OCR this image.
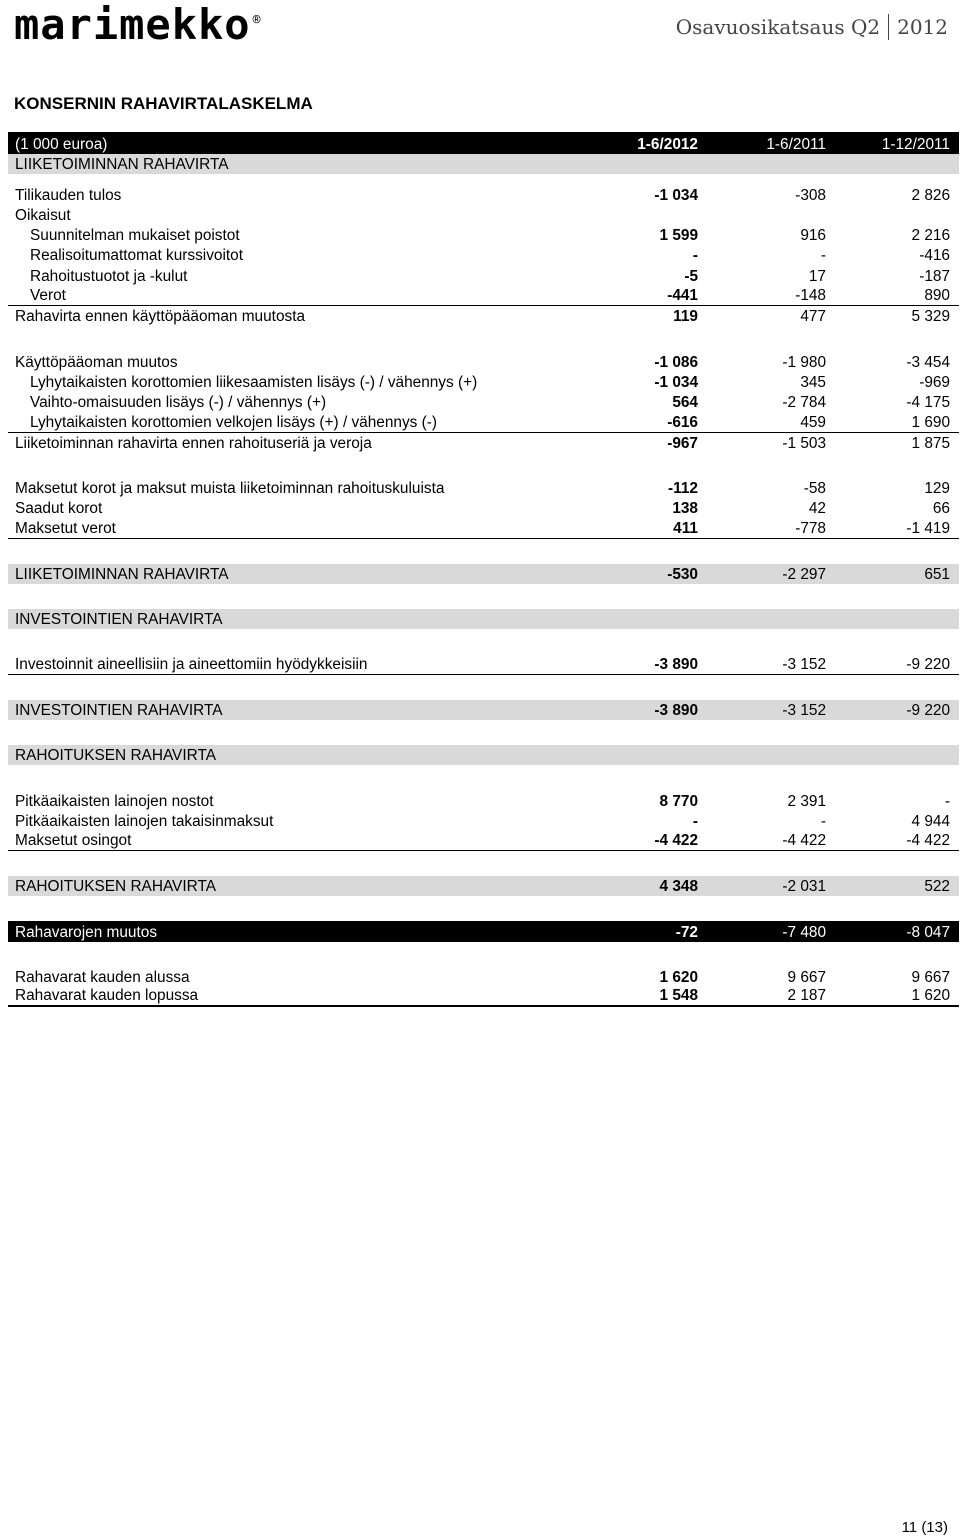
marimekko ®	Osavuosikatsaus Q2 2012
KONSERNIN RAHAVIRTALASKELMA
(1 000 euroa)	1-6/2012	1-6/2011	1-12/2011
LIIKETOIMINNAN RAHAVIRTA
Tilikauden tulos	-1 034	-308	2 826
Oikaisut
Suunnitelman mukaiset poistot	1 599	916	2 216
Realisoitumattomat kurssivoitot	-	-	-416
Rahoitustuotot ja -kulut	-5	17	-187
Verot	-441	-148	890
Rahavirta ennen käyttöpääoman muutosta	119	477	5 329
Käyttöpääoman muutos	-1 086	-1 980	-3 454
Lyhytaikaisten korottomien liikesaamisten lisäys (-) / vähennys (+)	-1 034	345	-969
Vaihto-omaisuuden lisäys (-) / vähennys (+)	564	-2 784	-4 175
Lyhytaikaisten korottomien velkojen lisäys (+) / vähennys (-)	-616	459	1 690
Liiketoiminnan rahavirta ennen rahoituseriä ja veroja	-967	-1 503	1 875
Maksetut korot ja maksut muista liiketoiminnan rahoituskuluista	-112	-58	129
Saadut korot	138	42	66
Maksetut verot	411	-778	-1 419
LIIKETOIMINNAN RAHAVIRTA	-530	-2 297	651
INVESTOINTIEN RAHAVIRTA
Investoinnit aineellisiin ja aineettomiin hyödykkeisiin	-3 890	-3 152	-9 220
INVESTOINTIEN RAHAVIRTA	-3 890	-3 152	-9 220
RAHOITUKSEN RAHAVIRTA
Pitkäaikaisten lainojen nostot	8 770	2 391	-
Pitkäaikaisten lainojen takaisinmaksut	-	-	4 944
Maksetut osingot	-4 422	-4 422	-4 422
RAHOITUKSEN RAHAVIRTA	4 348	-2 031	522
Rahavarojen muutos	-72	-7 480	-8 047
Rahavarat kauden alussa	1 620	9 667	9 667
Rahavarat kauden lopussa	1 548	2 187	1 620
11 (13)
